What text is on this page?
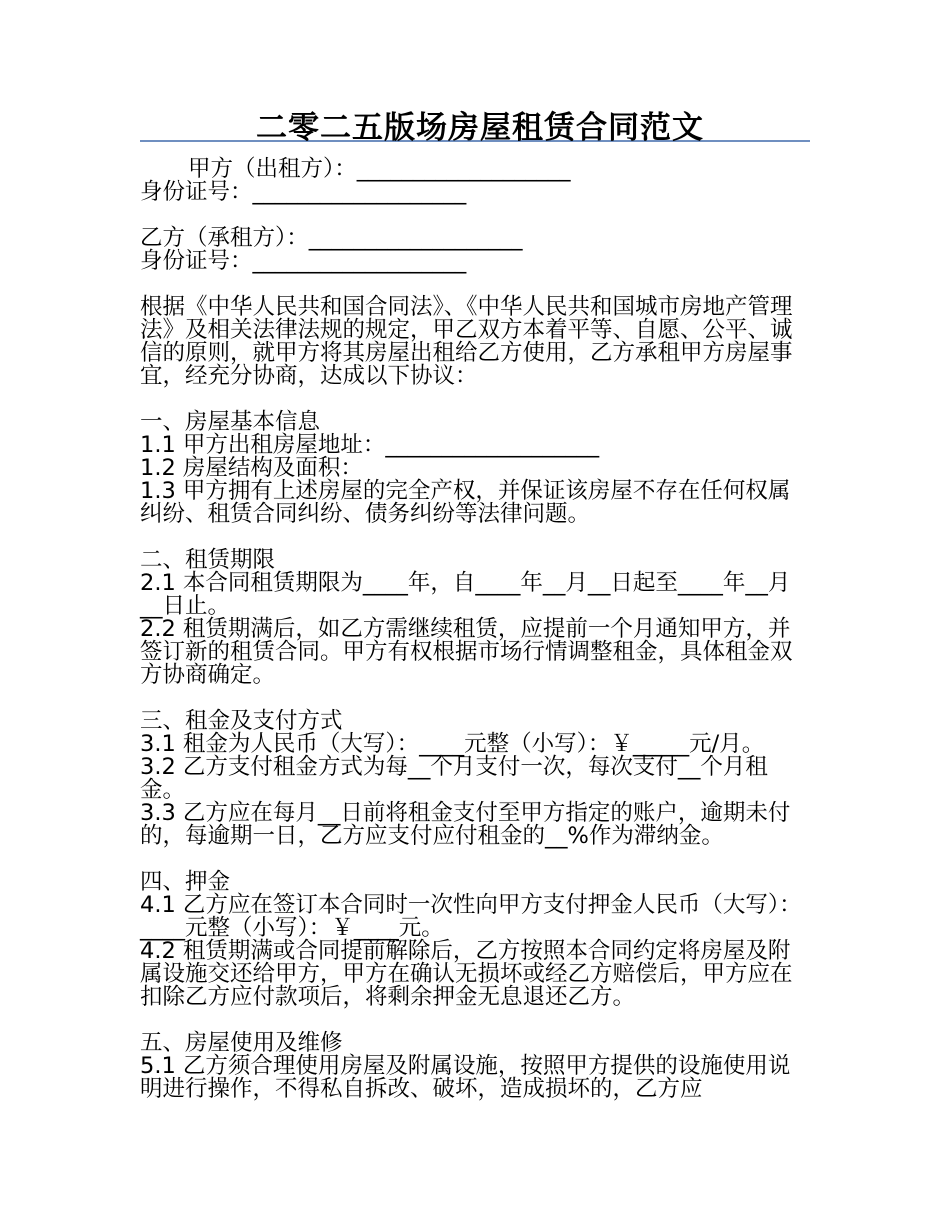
二零二五版场房屋租赁合同范文

甲方（出租方）：___________________

身份证号：___________________

乙方（承租方）：___________________

身份证号：___________________

根据《中华人民共和国合同法》、《中华人民共和国城市房地产管理法》及相关法律法规的规定，甲乙双方本着平等、自愿、公平、诚信的原则，就甲方将其房屋出租给乙方使用，乙方承租甲方房屋事宜，经充分协商，达成以下协议：

一、房屋基本信息

1.1 甲方出租房屋地址：___________________

1.2 房屋结构及面积：

1.3 甲方拥有上述房屋的完全产权，并保证该房屋不存在任何权属纠纷、租赁合同纠纷、债务纠纷等法律问题。

二、租赁期限

2.1 本合同租赁期限为____年，自____年__月__日起至____年__月__日止。

2.2 租赁期满后，如乙方需继续租赁，应提前一个月通知甲方，并签订新的租赁合同。甲方有权根据市场行情调整租金，具体租金双方协商确定。

三、租金及支付方式

3.1 租金为人民币（大写）：____元整（小写）：￥_____元/月。

3.2 乙方支付租金方式为每__个月支付一次，每次支付__个月租金。

3.3 乙方应在每月__日前将租金支付至甲方指定的账户，逾期未付的，每逾期一日，乙方应支付应付租金的__%作为滞纳金。

四、押金

4.1 乙方应在签订本合同时一次性向甲方支付押金人民币（大写）：____元整（小写）：￥____元。

4.2 租赁期满或合同提前解除后，乙方按照本合同约定将房屋及附属设施交还给甲方，甲方在确认无损坏或经乙方赔偿后，甲方应在扣除乙方应付款项后，将剩余押金无息退还乙方。

五、房屋使用及维修

5.1 乙方须合理使用房屋及附属设施，按照甲方提供的设施使用说明进行操作，不得私自拆改、破坏，造成损坏的，乙方应
